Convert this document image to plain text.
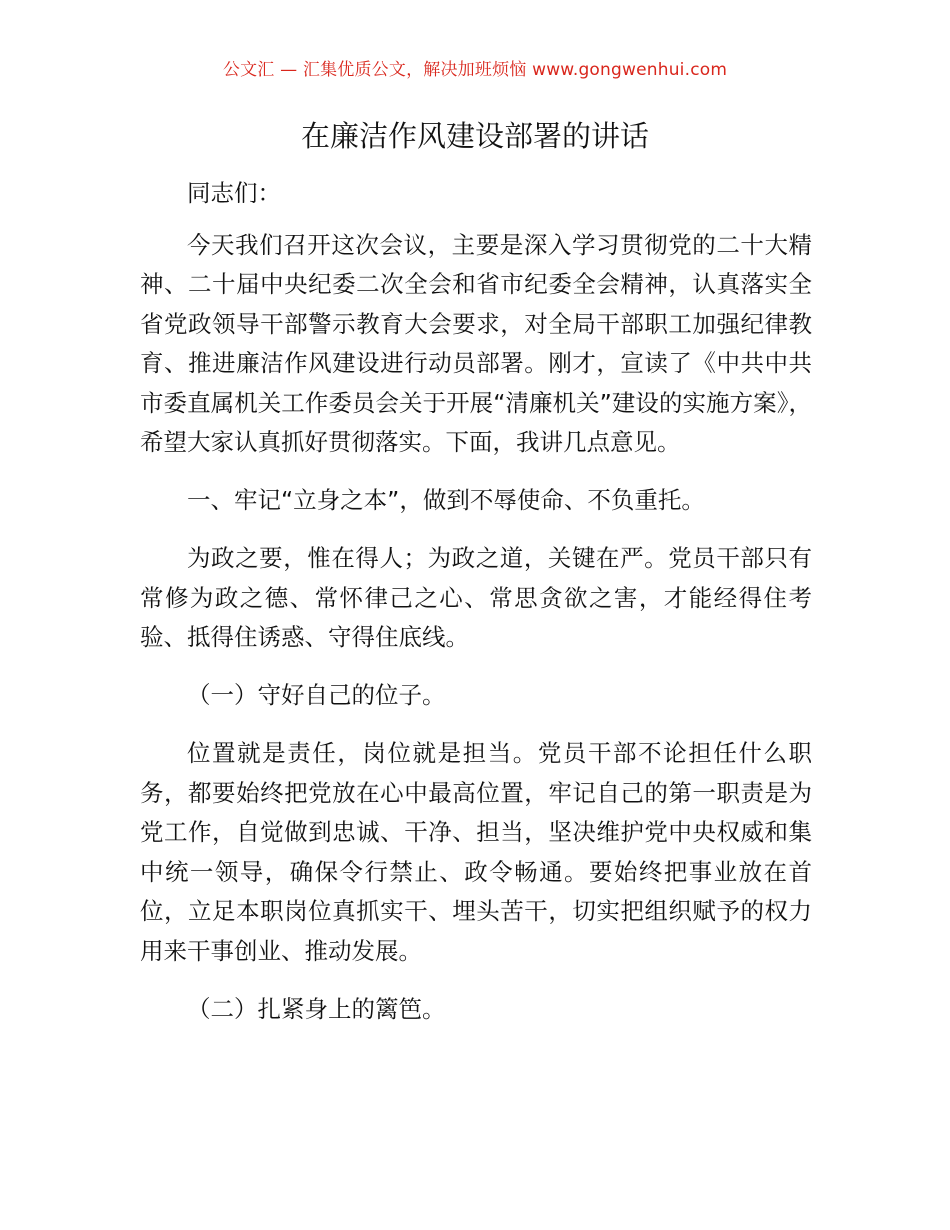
公文汇 — 汇集优质公文，解决加班烦恼 www.gongwenhui.com
在廉洁作风建设部署的讲话

同志们：

今天我们召开这次会议，主要是深入学习贯彻党的二十大精神、二十届中央纪委二次全会和省市纪委全会精神，认真落实全省党政领导干部警示教育大会要求，对全局干部职工加强纪律教育、推进廉洁作风建设进行动员部署。刚才，宣读了《中共中共市委直属机关工作委员会关于开展“清廉机关”建设的实施方案》，希望大家认真抓好贯彻落实。下面，我讲几点意见。

一、牢记“立身之本”，做到不辱使命、不负重托。

为政之要，惟在得人；为政之道，关键在严。党员干部只有常修为政之德、常怀律己之心、常思贪欲之害，才能经得住考验、抵得住诱惑、守得住底线。

（一）守好自己的位子。

位置就是责任，岗位就是担当。党员干部不论担任什么职务，都要始终把党放在心中最高位置，牢记自己的第一职责是为党工作，自觉做到忠诚、干净、担当，坚决维护党中央权威和集中统一领导，确保令行禁止、政令畅通。要始终把事业放在首位，立足本职岗位真抓实干、埋头苦干，切实把组织赋予的权力用来干事创业、推动发展。

（二）扎紧身上的篱笆。
